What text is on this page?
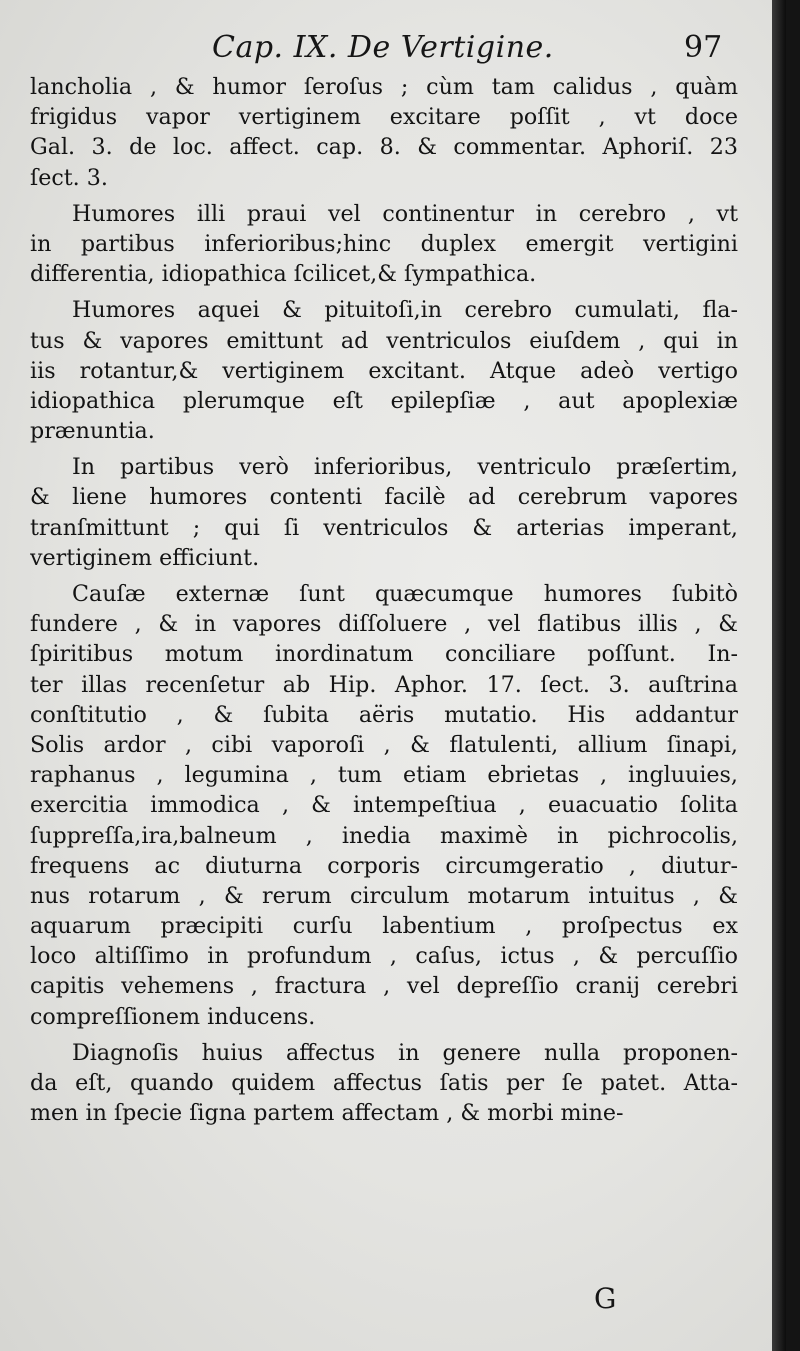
Cap. IX. De Vertigine.	97
lancholia , & humor ſeroſus ; cùm tam calidus , quàm
frigidus vapor vertiginem excitare poſſit , vt doce
Gal. 3. de loc. affect. cap. 8. & commentar. Aphoriſ. 23
ſect. 3.
Humores illi praui vel continentur in cerebro , vt
in partibus inferioribus;hinc duplex emergit vertigini
differentia, idiopathica ſcilicet,& ſympathica.
Humores aquei & pituitoſi,in cerebro cumulati, fla-
tus & vapores emittunt ad ventriculos eiuſdem , qui in
iis rotantur,& vertiginem excitant. Atque adeò vertigo
idiopathica plerumque eſt epilepſiæ , aut apoplexiæ
prænuntia.
In partibus verò inferioribus, ventriculo præſertim,
& liene humores contenti facilè ad cerebrum vapores
tranſmittunt ; qui ſi ventriculos & arterias imperant,
vertiginem efficiunt.
Cauſæ externæ ſunt quæcumque humores ſubitò
fundere , & in vapores diſſoluere , vel flatibus illis , &
ſpiritibus motum inordinatum conciliare poſſunt. In-
ter illas recenſetur ab Hip. Aphor. 17. ſect. 3. auſtrina
conſtitutio , & ſubita aëris mutatio. His addantur
Solis ardor , cibi vaporoſi , & flatulenti, allium ſinapi,
raphanus , legumina , tum etiam ebrietas , ingluuies,
exercitia immodica , & intempeſtiua , euacuatio ſolita
ſuppreſſa,ira,balneum , inedia maximè in pichrocolis,
frequens ac diuturna corporis circumgeratio , diutur-
nus rotarum , & rerum circulum motarum intuitus , &
aquarum præcipiti curſu labentium , proſpectus ex
loco altiſſimo in profundum , caſus, ictus , & percuſſio
capitis vehemens , fractura , vel depreſſio cranij cerebri
compreſſionem inducens.
Diagnoſis huius affectus in genere nulla proponen-
da eſt, quando quidem affectus ſatis per ſe patet. Atta-
men in ſpecie ſigna partem affectam , & morbi mine-
G
